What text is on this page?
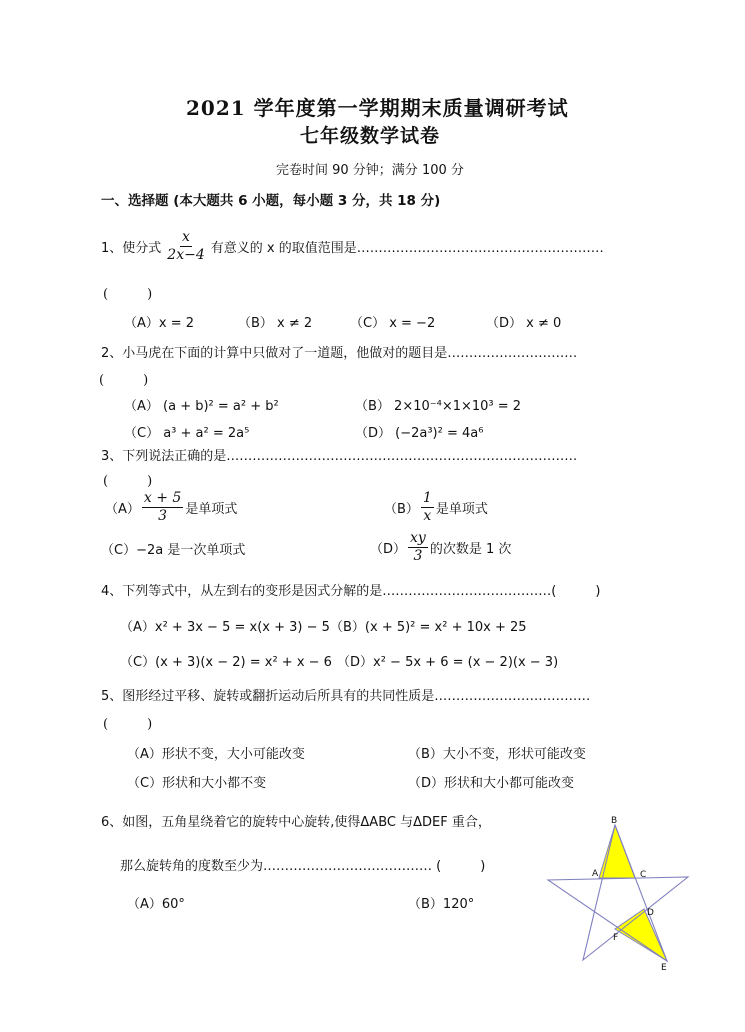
2021 学年度第一学期期末质量调研考试
七年级数学试卷
完卷时间 90 分钟；满分 100 分
一、选择题 (本大题共 6 小题，每小题 3 分，共 18 分)
1、使分式 $\frac{x}{2x-4}$ 有意义的 x 的取值范围是…………………………………………………
(　　　)
（A）x = 2	（B） x ≠ 2	（C） x = −2	（D） x ≠ 0
2、小马虎在下面的计算中只做对了一道题，他做对的题目是…………………………
(　　　)
（A） (a + b)² = a² + b²	（B） 2×10⁻⁴×1×10³ = 2
（C） a³ + a² = 2a⁵	（D） (−2a³)² = 4a⁶
3、下列说法正确的是………………………………………………………………………
(　　　)
$(A) \frac{x + 5}{3}$ 是单项式	$(B) \frac{1}{x}$ 是单项式
（C）−2a 是一次单项式	$(D) \frac{xy}{3}$ 的次数是 1 次
4、下列等式中，从左到右的变形是因式分解的是…………………………………(　　　)
（A）x² + 3x − 5 = x(x + 3) − 5 （B）(x + 5)² = x² + 10x + 25
（C）(x + 3)(x − 2) = x² + x − 6 （D）x² − 5x + 6 = (x − 2)(x − 3)
5、图形经过平移、旋转或翻折运动后所具有的共同性质是………………………………
(　　　)
（A）形状不变，大小可能改变	（B）大小不变，形状可能改变
（C）形状和大小都不变	（D）形状和大小都可能改变
6、如图，五角星绕着它的旋转中心旋转,使得ΔABC 与ΔDEF 重合，
那么旋转角的度数至少为………………………………… (　　　)
（A）60°	（B）120°
B
A	C
D
F
E
